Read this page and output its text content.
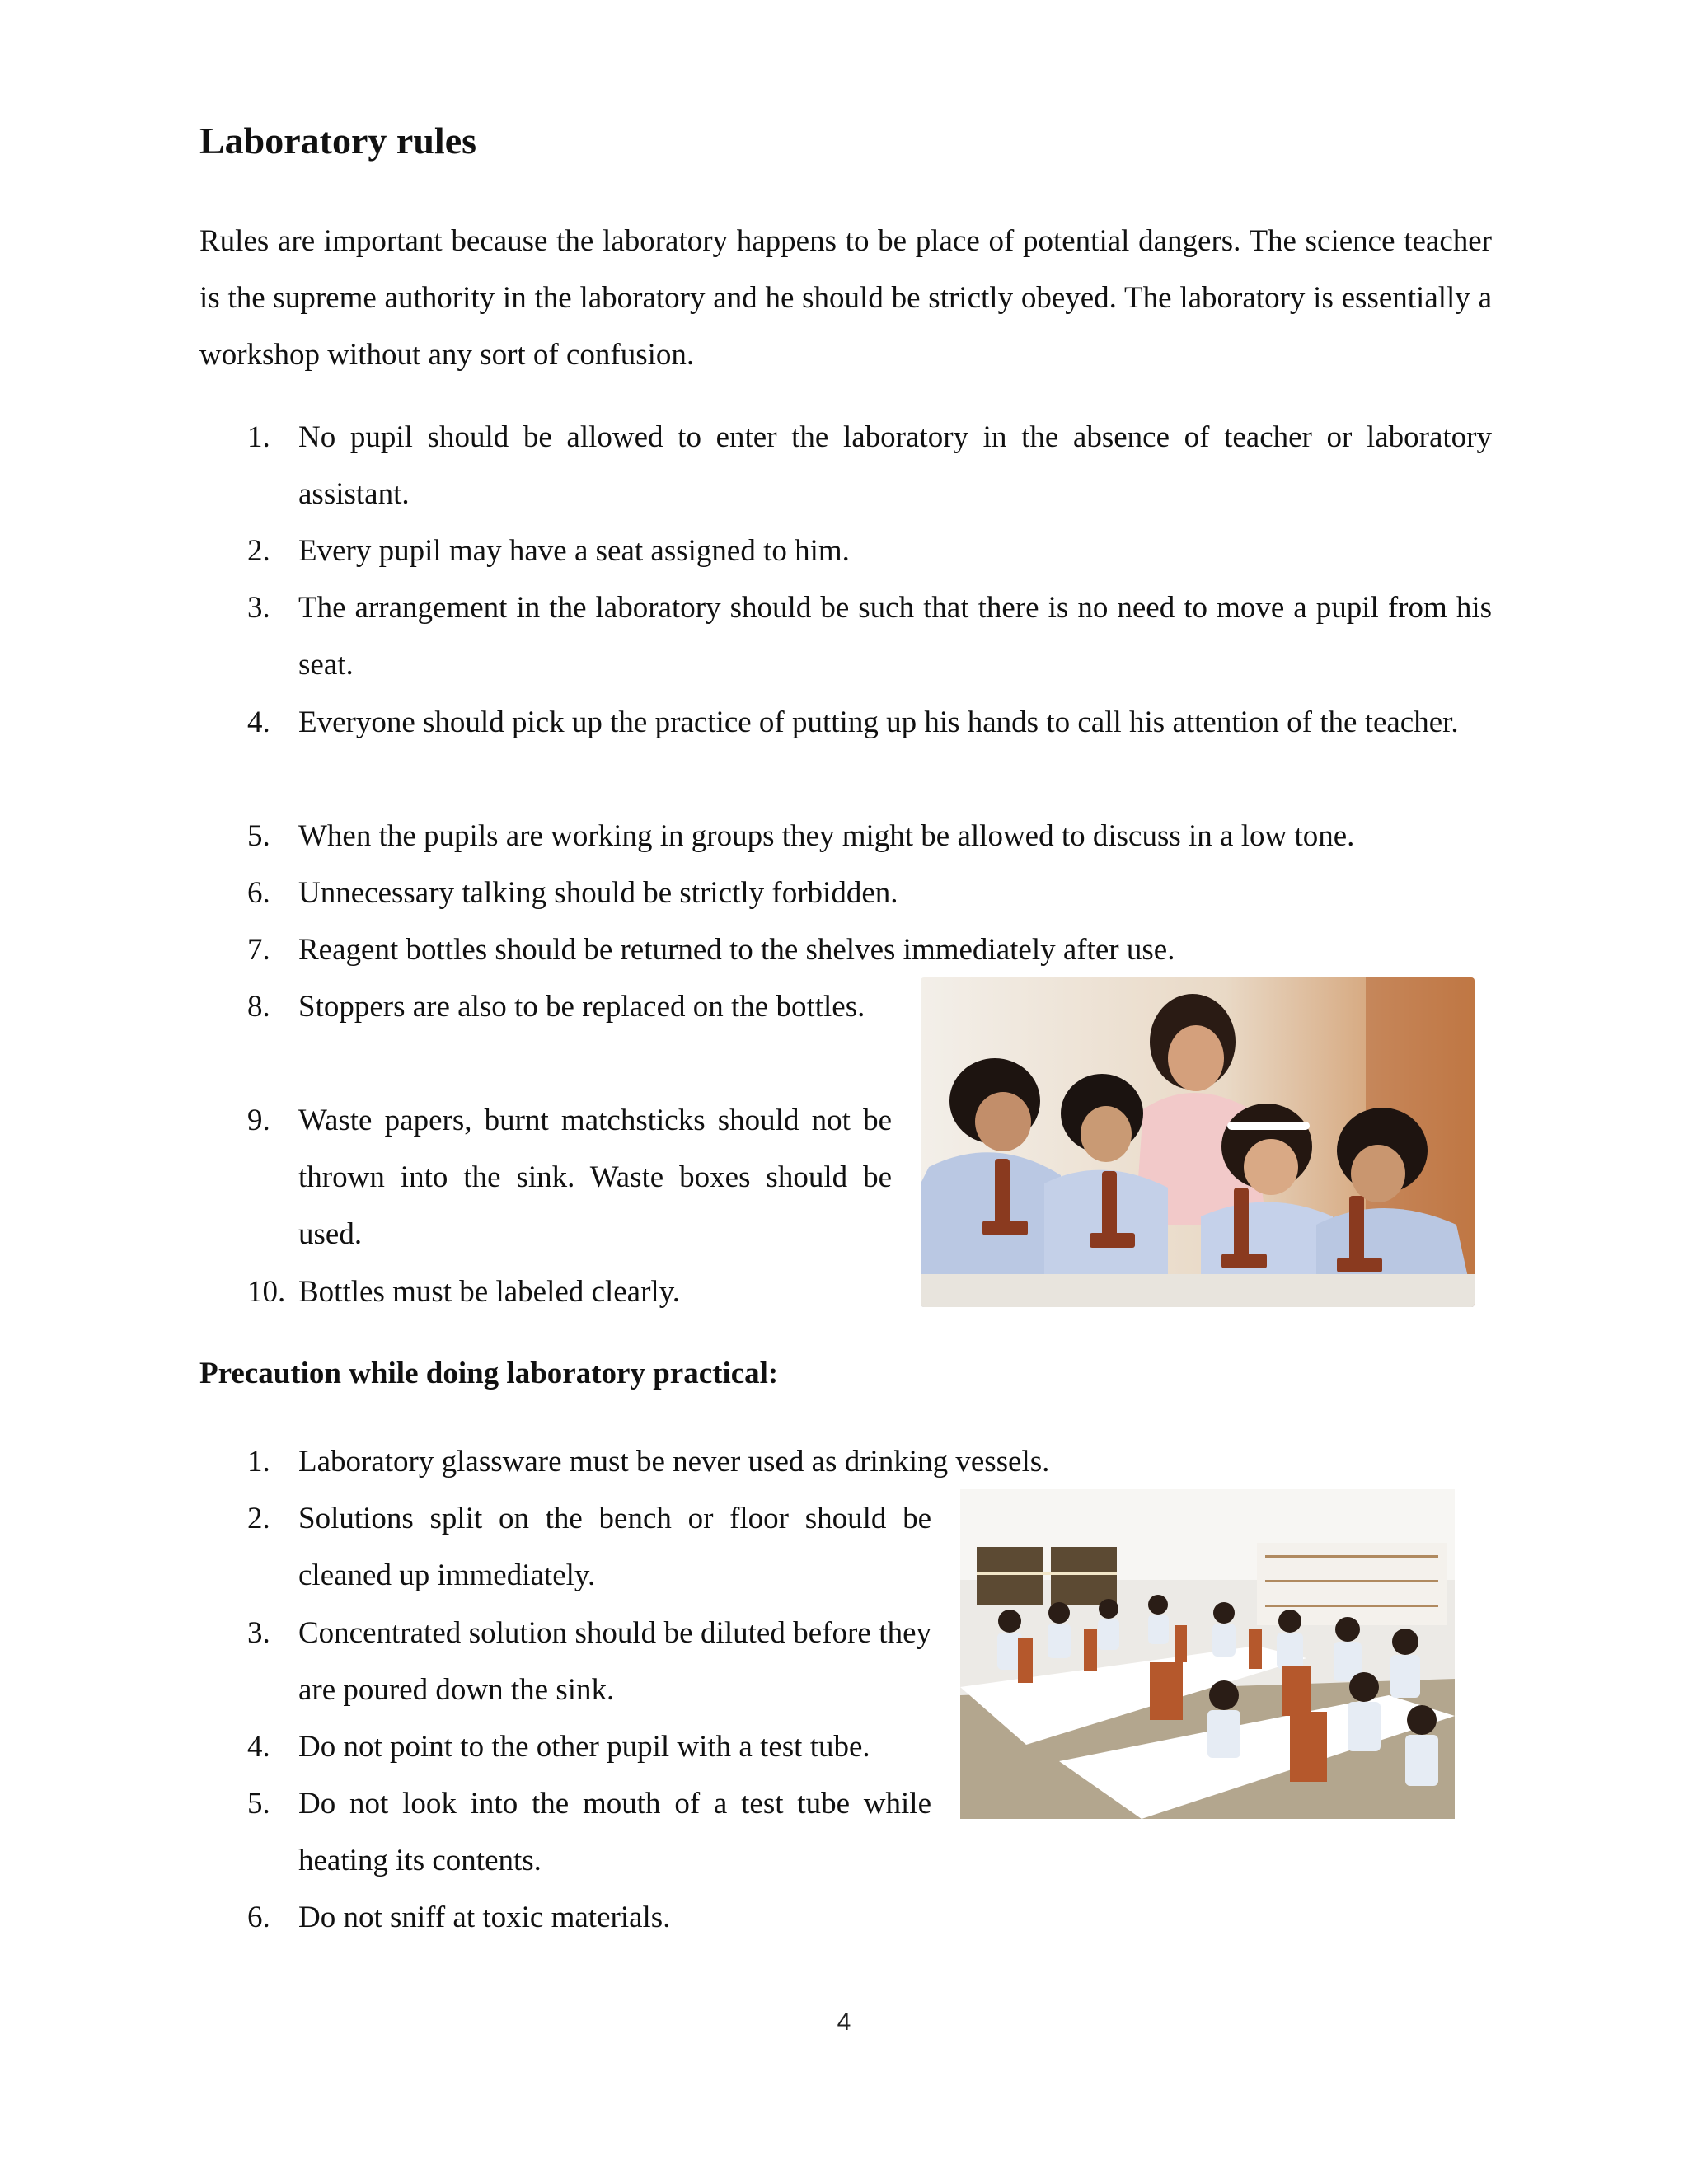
Laboratory rules

Rules are important because the laboratory happens to be place of potential dangers. The science teacher is the supreme authority in the laboratory and he should be strictly obeyed. The laboratory is essentially a workshop without any sort of confusion.

1. No pupil should be allowed to enter the laboratory in the absence of teacher or laboratory assistant.
2. Every pupil may have a seat assigned to him.
3. The arrangement in the laboratory should be such that there is no need to move a pupil from his seat.
4. Everyone should pick up the practice of putting up his hands to call his attention of the teacher.
5. When the pupils are working in groups they might be allowed to discuss in a low tone.
6. Unnecessary talking should be strictly forbidden.
7. Reagent bottles should be returned to the shelves immediately after use.
8. Stoppers are also to be replaced on the bottles.
9. Waste papers, burnt matchsticks should not be thrown into the sink. Waste boxes should be used.
10. Bottles must be labeled clearly.
Precaution while doing laboratory practical:
1. Laboratory glassware must be never used as drinking vessels.
2. Solutions split on the bench or floor should be cleaned up immediately.
3. Concentrated solution should be diluted before they are poured down the sink.
4. Do not point to the other pupil with a test tube.
5. Do not look into the mouth of a test tube while heating its contents.
6. Do not sniff at toxic materials.
4
